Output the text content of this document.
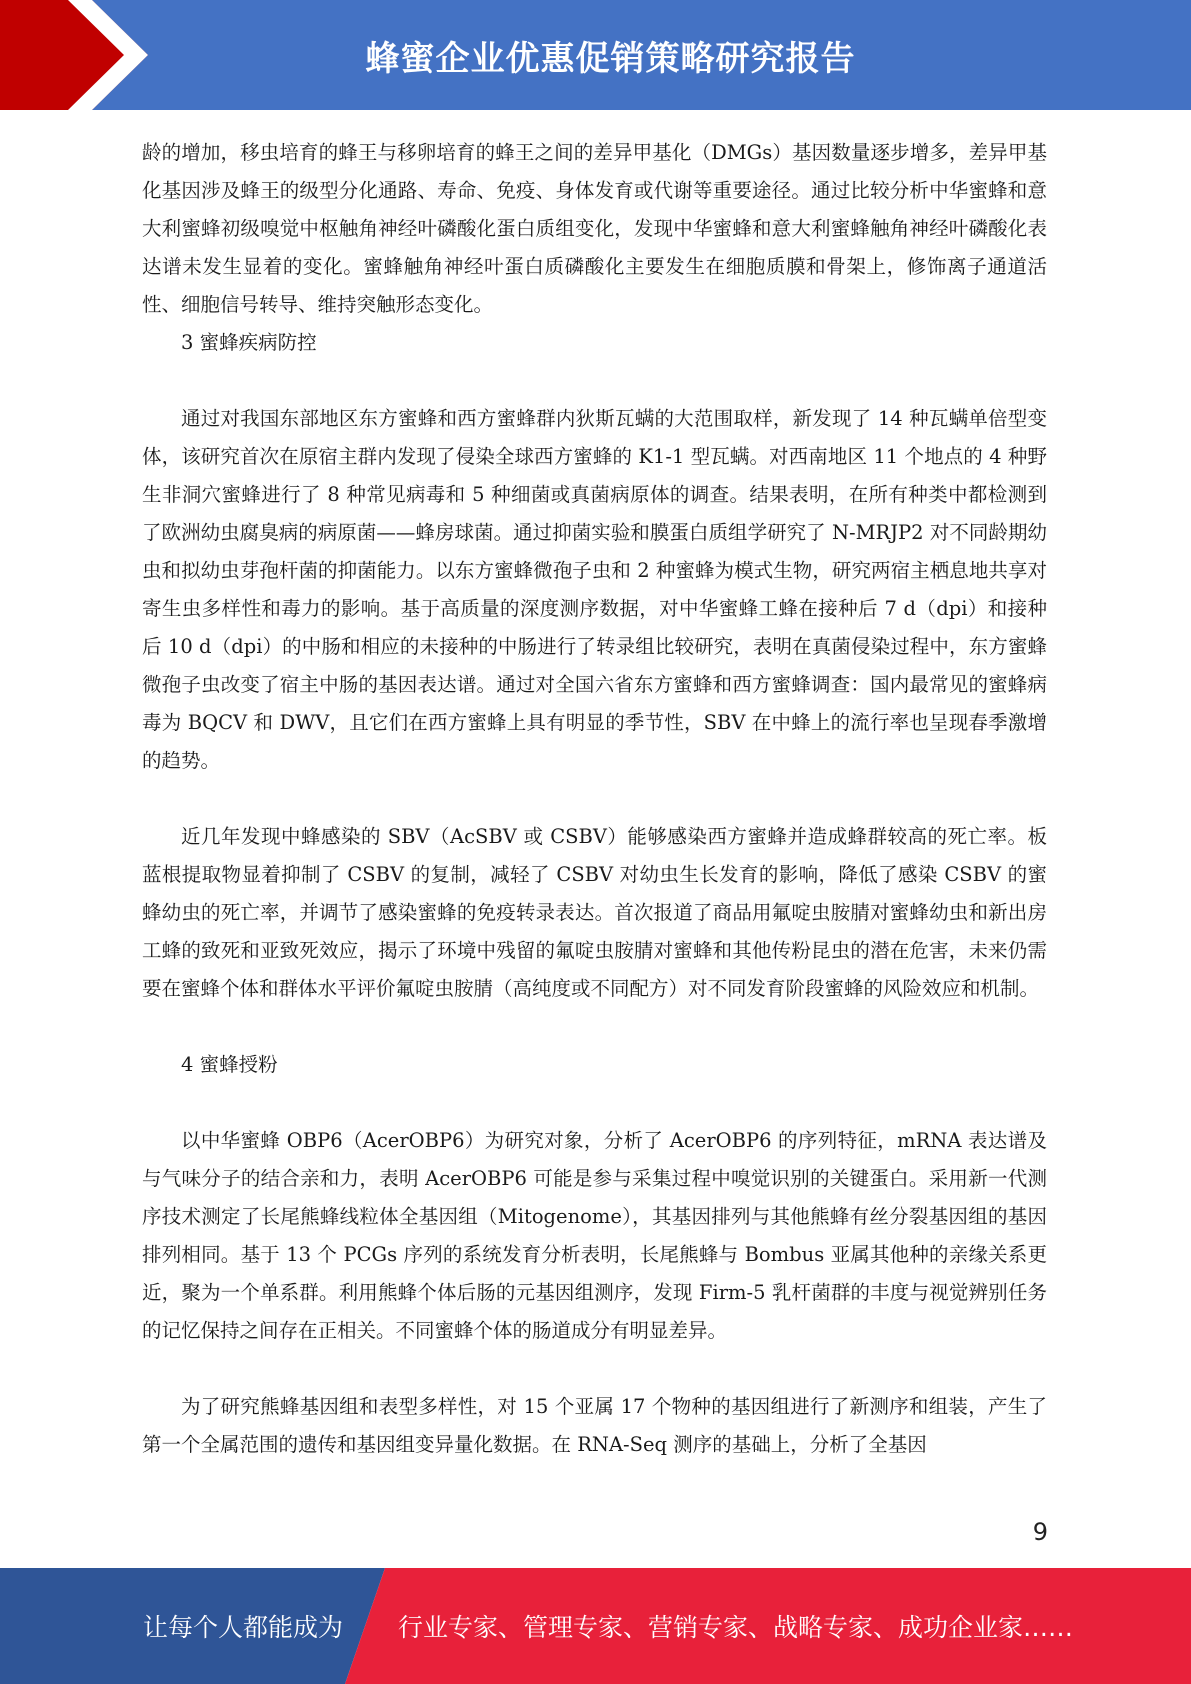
蜂蜜企业优惠促销策略研究报告

龄的增加，移虫培育的蜂王与移卵培育的蜂王之间的差异甲基化（DMGs）基因数量逐步增多，差异甲基化基因涉及蜂王的级型分化通路、寿命、免疫、身体发育或代谢等重要途径。通过比较分析中华蜜蜂和意大利蜜蜂初级嗅觉中枢触角神经叶磷酸化蛋白质组变化，发现中华蜜蜂和意大利蜜蜂触角神经叶磷酸化表达谱未发生显着的变化。蜜蜂触角神经叶蛋白质磷酸化主要发生在细胞质膜和骨架上，修饰离子通道活性、细胞信号转导、维持突触形态变化。

3 蜜蜂疾病防控

通过对我国东部地区东方蜜蜂和西方蜜蜂群内狄斯瓦螨的大范围取样，新发现了 14 种瓦螨单倍型变体，该研究首次在原宿主群内发现了侵染全球西方蜜蜂的 K1-1 型瓦螨。对西南地区 11 个地点的 4 种野生非洞穴蜜蜂进行了 8 种常见病毒和 5 种细菌或真菌病原体的调查。结果表明，在所有种类中都检测到了欧洲幼虫腐臭病的病原菌——蜂房球菌。通过抑菌实验和膜蛋白质组学研究了 N-MRJP2 对不同龄期幼虫和拟幼虫芽孢杆菌的抑菌能力。以东方蜜蜂微孢子虫和 2 种蜜蜂为模式生物，研究两宿主栖息地共享对寄生虫多样性和毒力的影响。基于高质量的深度测序数据，对中华蜜蜂工蜂在接种后 7 d（dpi）和接种后 10 d（dpi）的中肠和相应的未接种的中肠进行了转录组比较研究，表明在真菌侵染过程中，东方蜜蜂微孢子虫改变了宿主中肠的基因表达谱。通过对全国六省东方蜜蜂和西方蜜蜂调查：国内最常见的蜜蜂病毒为 BQCV 和 DWV，且它们在西方蜜蜂上具有明显的季节性，SBV 在中蜂上的流行率也呈现春季激增的趋势。

近几年发现中蜂感染的 SBV（AcSBV 或 CSBV）能够感染西方蜜蜂并造成蜂群较高的死亡率。板蓝根提取物显着抑制了 CSBV 的复制，减轻了 CSBV 对幼虫生长发育的影响，降低了感染 CSBV 的蜜蜂幼虫的死亡率，并调节了感染蜜蜂的免疫转录表达。首次报道了商品用氟啶虫胺腈对蜜蜂幼虫和新出房工蜂的致死和亚致死效应，揭示了环境中残留的氟啶虫胺腈对蜜蜂和其他传粉昆虫的潜在危害，未来仍需要在蜜蜂个体和群体水平评价氟啶虫胺腈（高纯度或不同配方）对不同发育阶段蜜蜂的风险效应和机制。

4 蜜蜂授粉

以中华蜜蜂 OBP6（AcerOBP6）为研究对象，分析了 AcerOBP6 的序列特征，mRNA 表达谱及与气味分子的结合亲和力，表明 AcerOBP6 可能是参与采集过程中嗅觉识别的关键蛋白。采用新一代测序技术测定了长尾熊蜂线粒体全基因组（Mitogenome），其基因排列与其他熊蜂有丝分裂基因组的基因排列相同。基于 13 个 PCGs 序列的系统发育分析表明，长尾熊蜂与 Bombus 亚属其他种的亲缘关系更近，聚为一个单系群。利用熊蜂个体后肠的元基因组测序，发现 Firm-5 乳杆菌群的丰度与视觉辨别任务的记忆保持之间存在正相关。不同蜜蜂个体的肠道成分有明显差异。

为了研究熊蜂基因组和表型多样性，对 15 个亚属 17 个物种的基因组进行了新测序和组装，产生了第一个全属范围的遗传和基因组变异量化数据。在 RNA-Seq 测序的基础上，分析了全基因

9
让每个人都能成为 行业专家、管理专家、营销专家、战略专家、成功企业家……
